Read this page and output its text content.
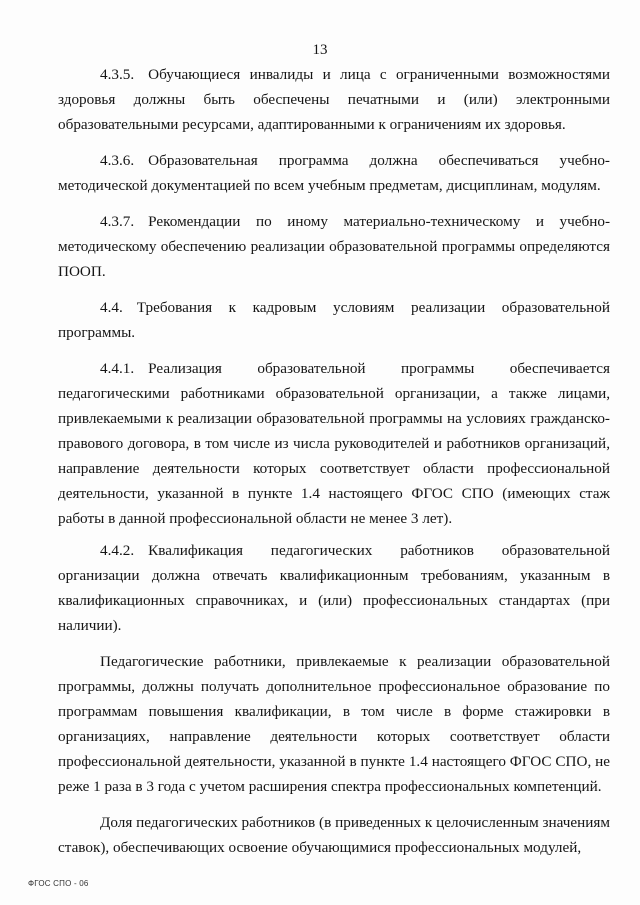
13

4.3.5. Обучающиеся инвалиды и лица с ограниченными возможностями здоровья должны быть обеспечены печатными и (или) электронными образовательными ресурсами, адаптированными к ограничениям их здоровья.

4.3.6. Образовательная программа должна обеспечиваться учебно-методической документацией по всем учебным предметам, дисциплинам, модулям.

4.3.7. Рекомендации по иному материально-техническому и учебно-методическому обеспечению реализации образовательной программы определяются ПООП.

4.4. Требования к кадровым условиям реализации образовательной программы.

4.4.1. Реализация образовательной программы обеспечивается педагогическими работниками образовательной организации, а также лицами, привлекаемыми к реализации образовательной программы на условиях гражданско-правового договора, в том числе из числа руководителей и работников организаций, направление деятельности которых соответствует области профессиональной деятельности, указанной в пункте 1.4 настоящего ФГОС СПО (имеющих стаж работы в данной профессиональной области не менее 3 лет).

4.4.2. Квалификация педагогических работников образовательной организации должна отвечать квалификационным требованиям, указанным в квалификационных справочниках, и (или) профессиональных стандартах (при наличии).

Педагогические работники, привлекаемые к реализации образовательной программы, должны получать дополнительное профессиональное образование по программам повышения квалификации, в том числе в форме стажировки в организациях, направление деятельности которых соответствует области профессиональной деятельности, указанной в пункте 1.4 настоящего ФГОС СПО, не реже 1 раза в 3 года с учетом расширения спектра профессиональных компетенций.

Доля педагогических работников (в приведенных к целочисленным значениям ставок), обеспечивающих освоение обучающимися профессиональных модулей,

ФГОС СПО - 06
